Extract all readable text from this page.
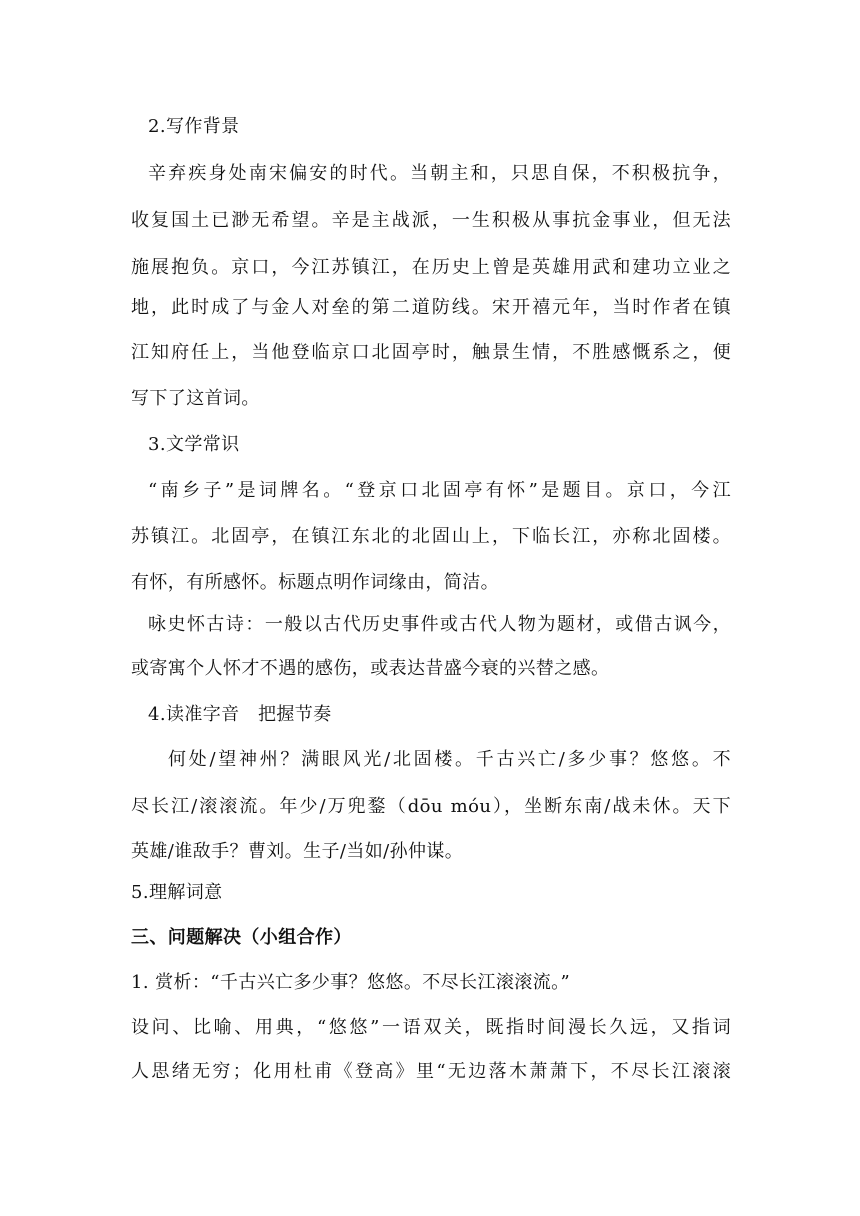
2.写作背景
辛弃疾身处南宋偏安的时代。当朝主和，只思自保，不积极抗争，
收复国土已渺无希望。辛是主战派，一生积极从事抗金事业，但无法
施展抱负。京口，今江苏镇江，在历史上曾是英雄用武和建功立业之
地，此时成了与金人对垒的第二道防线。宋开禧元年，当时作者在镇
江知府任上，当他登临京口北固亭时，触景生情，不胜感慨系之，便
写下了这首词。
3.文学常识
“南乡子”是词牌名。“登京口北固亭有怀”是题目。京口，今江
苏镇江。北固亭，在镇江东北的北固山上，下临长江，亦称北固楼。
有怀，有所感怀。标题点明作词缘由，简洁。
咏史怀古诗：一般以古代历史事件或古代人物为题材，或借古讽今，
或寄寓个人怀才不遇的感伤，或表达昔盛今衰的兴替之感。
4.读准字音　把握节奏
何处/望神州？满眼风光/北固楼。千古兴亡/多少事？悠悠。不
尽长江/滚滚流。年少/万兜鍪（dōu móu），坐断东南/战未休。天下
英雄/谁敌手？曹刘。生子/当如/孙仲谋。
5.理解词意
三、问题解决（小组合作）
1. 赏析：“千古兴亡多少事？悠悠。不尽长江滚滚流。”
设问、比喻、用典，“悠悠”一语双关，既指时间漫长久远，又指词
人思绪无穷；化用杜甫《登高》里“无边落木萧萧下，不尽长江滚滚
